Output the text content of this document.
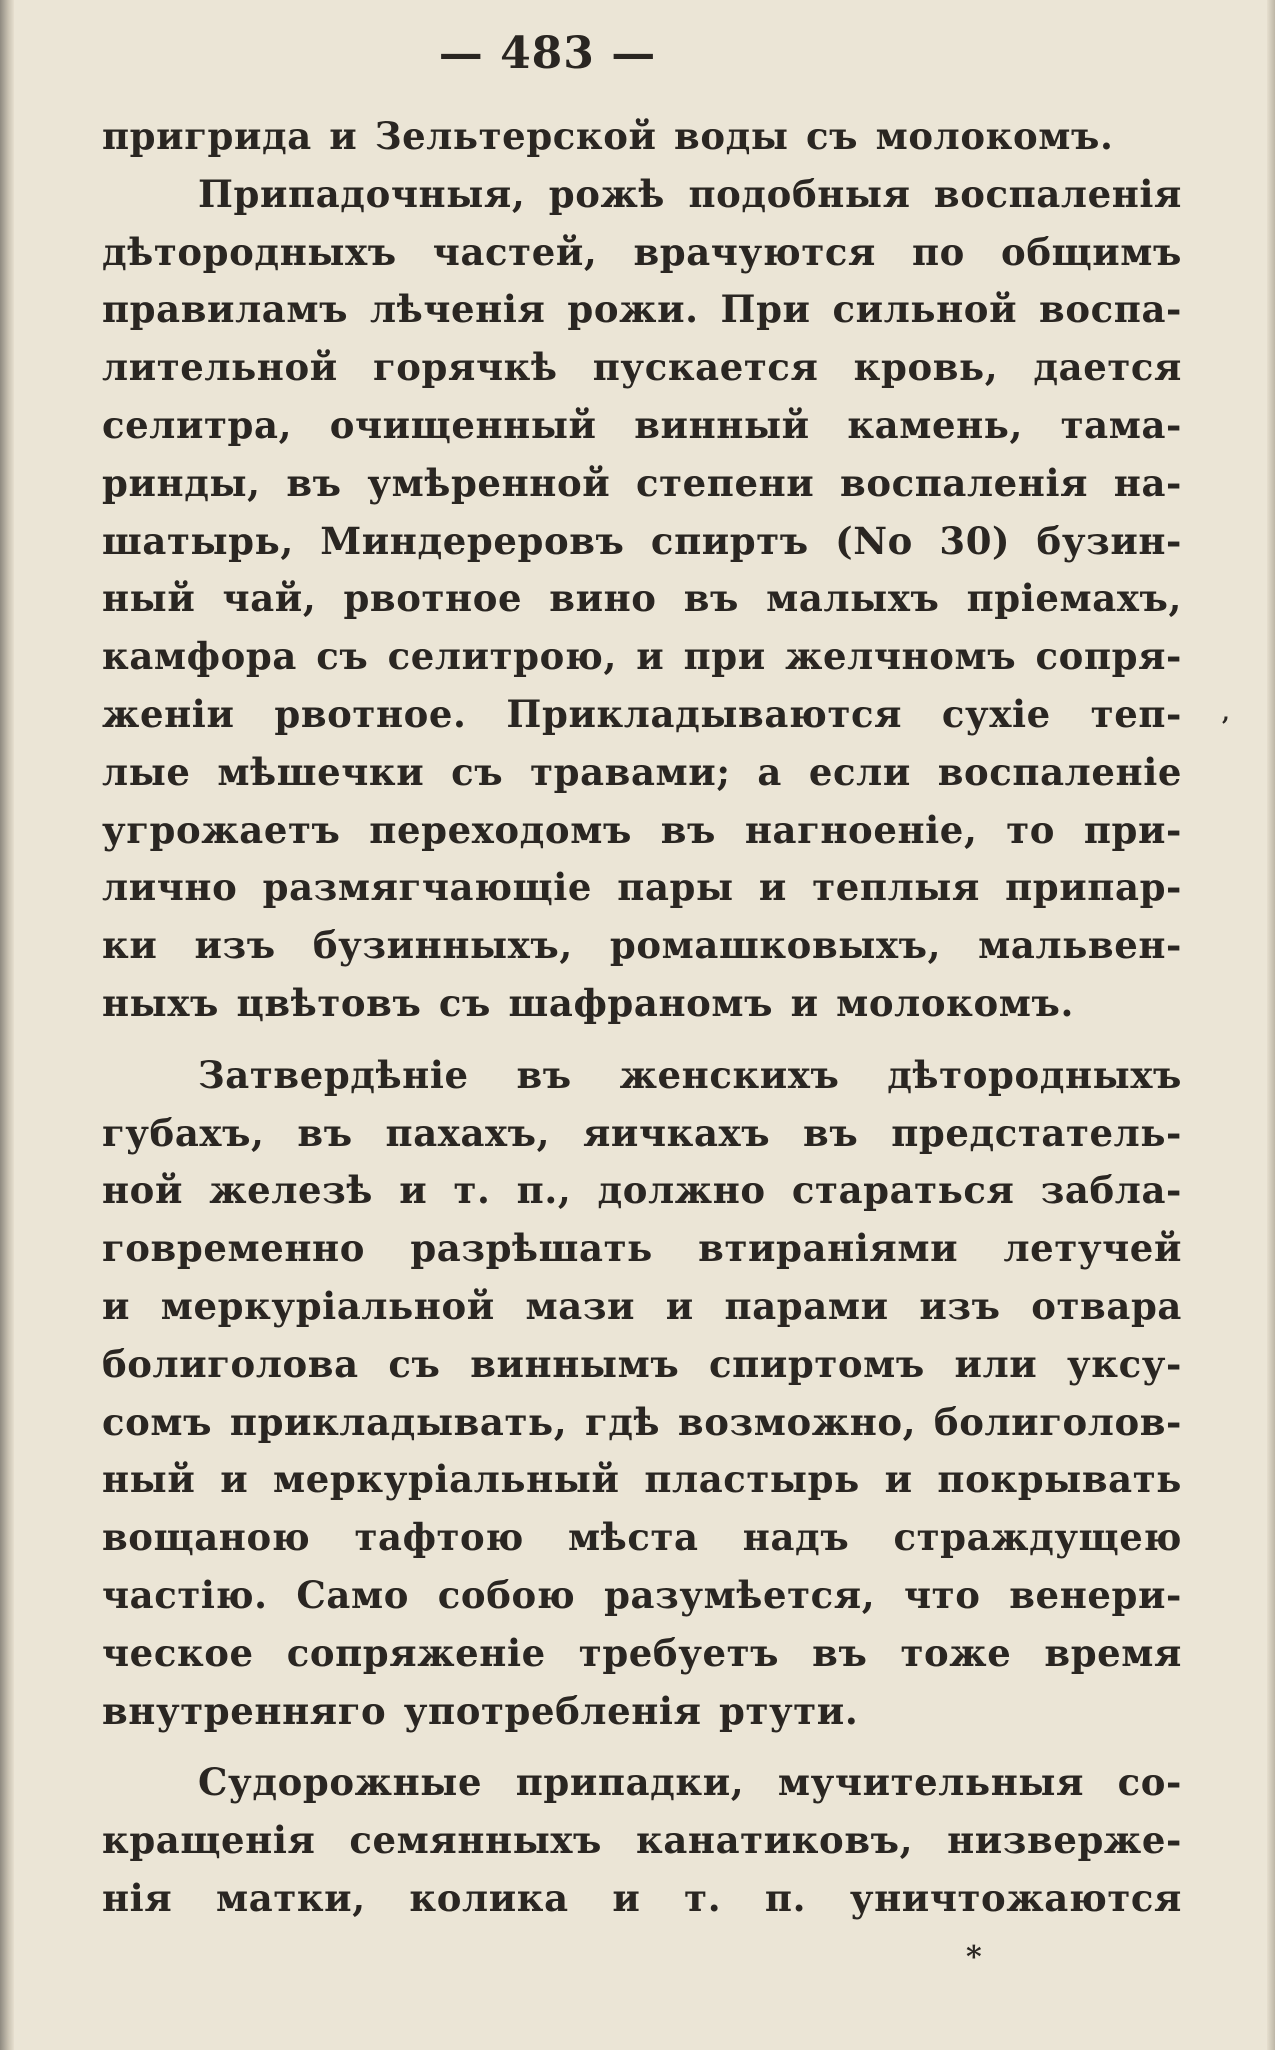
— 483 —
пригрида и Зельтерской воды съ молокомъ.
Припадочныя, рожѣ подобныя воспаленія
дѣторoдныхъ частей, врачуются по общимъ
правиламъ лѣченія рожи. При сильной воспа-
лительной горячкѣ пускается кровь, дается
селитра, очищенный винный камень, тама-
ринды, въ умѣренной степени воспаленія на-
шатырь, Миндереровъ спиртъ (No 30) бузин-
ный чай, рвотное вино въ малыхъ пріемахъ,
камфора съ селитрою, и при желчномъ сопря-
женіи рвотное. Прикладываются сухіе теп-
лые мѣшечки съ травами; а если воспаленіе
угрожаетъ переходомъ въ нагноеніе, то при-
лично размягчающіе пары и теплыя припар-
ки изъ бузинныхъ, ромашковыхъ, мальвен-
ныхъ цвѣтовъ съ шафраномъ и молокомъ.
Затвердѣніе въ женскихъ дѣторoдныхъ
губахъ, въ пахахъ, яичкахъ въ предстатель-
ной железѣ и т. п., должно стараться забла-
говременно разрѣшать втираніями летучей
и меркуріальной мази и парами изъ отвара
болиголова съ виннымъ спиртомъ или уксу-
сомъ прикладывать, гдѣ возможно, болиголов-
ный и меркуріальный пластырь и покрывать
вощаною тафтою мѣста надъ страждущею
частію. Само собою разумѣется, что венери-
ческое сопряженіе требуетъ въ тоже время
внутренняго употребленія ртути.
Судорожные припадки, мучительныя со-
кращенія семянныхъ канатиковъ, низверже-
нія матки, колика и т. п. уничтожаются
*
,
